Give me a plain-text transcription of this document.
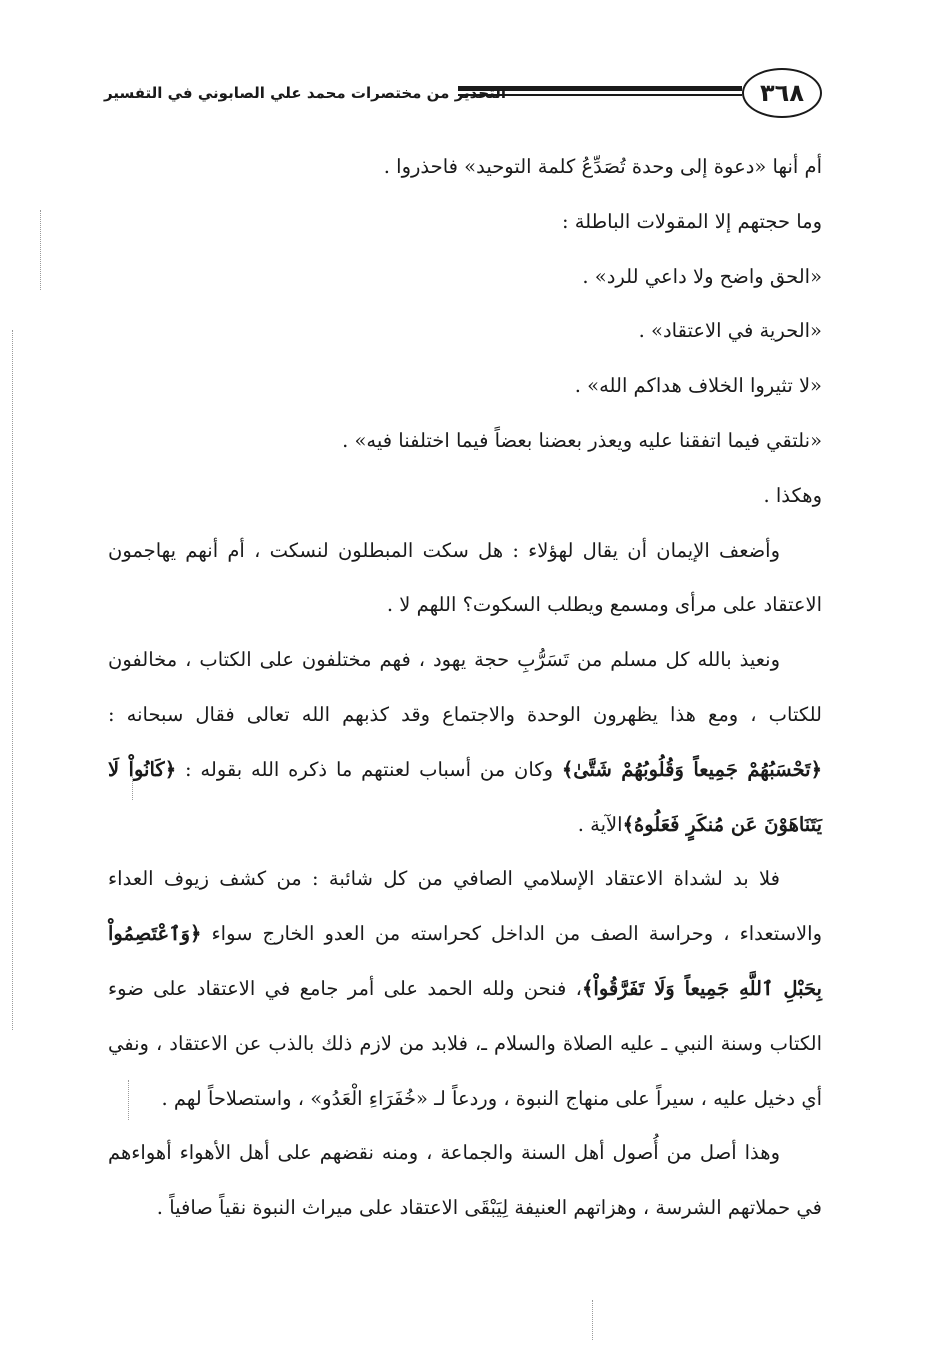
٣٦٨
التحذير من مختصرات محمد علي الصابوني في التفسير

أم أنها «دعوة إلى وحدة تُصَدِّعُ كلمة التوحيد» فاحذروا .

وما حجتهم إلا المقولات الباطلة :

«الحق واضح ولا داعي للرد» .

«الحرية في الاعتقاد» .

«لا تثيروا الخلاف هداكم الله» .

«نلتقي فيما اتفقنا عليه ويعذر بعضنا بعضاً فيما اختلفنا فيه» .

وهكذا .

وأضعف الإيمان أن يقال لهؤلاء : هل سكت المبطلون لنسكت ، أم أنهم يهاجمون الاعتقاد على مرأى ومسمع ويطلب السكوت؟ اللهم لا .

ونعيذ بالله كل مسلم من تَسَرُّبِ حجة يهود ، فهم مختلفون على الكتاب ، مخالفون للكتاب ، ومع هذا يظهرون الوحدة والاجتماع وقد كذبهم الله تعالى فقال سبحانه : ﴿تَحْسَبُهُمْ جَمِيعاً وَقُلُوبُهُمْ شَتَّىٰ﴾ وكان من أسباب لعنتهم ما ذكره الله بقوله : ﴿كَانُواْ لَا يَتَنَاهَوْنَ عَن مُنكَرٍ فَعَلُوهُ﴾الآية .

فلا بد لشداة الاعتقاد الإسلامي الصافي من كل شائبة : من كشف زيوف العداء والاستعداء ، وحراسة الصف من الداخل كحراسته من العدو الخارج سواء ﴿وَٱعْتَصِمُواْ بِحَبْلِ ٱللَّهِ جَمِيعاً وَلَا تَفَرَّقُواْ﴾، فنحن ولله الحمد على أمر جامع في الاعتقاد على ضوء الكتاب وسنة النبي ـ عليه الصلاة والسلام ـ، فلابد من لازم ذلك بالذب عن الاعتقاد ، ونفي أي دخيل عليه ، سيراً على منهاج النبوة ، وردعاً لـ «خُفَرَاءِ الْعَدُو» ، واستصلاحاً لهم .

وهذا أصل من أُصول أهل السنة والجماعة ، ومنه نقضهم على أهل الأهواء أهواءهم في حملاتهم الشرسة ، وهزاتهم العنيفة لِيَبْقَى الاعتقاد على ميراث النبوة نقياً صافياً .
